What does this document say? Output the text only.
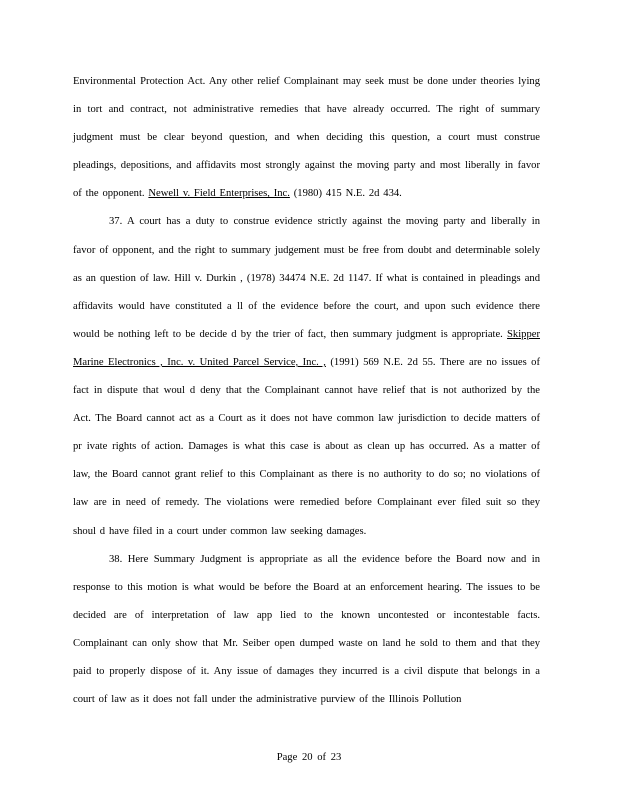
Environmental Protection Act. Any other relief Complainant may seek must be done under theories lying in tort and contract, not administrative remedies that have already occurred. The right of summary judgment must be clear beyond question, and when deciding this question, a court must construe pleadings, depositions, and affidavits most strongly against the moving party and most liberally in favor of the opponent. Newell v. Field Enterprises, Inc. (1980) 415 N.E. 2d 434.

37. A court has a duty to construe evidence strictly against the moving party and liberally in favor of opponent, and the right to summary judgement must be free from doubt and determinable solely as an question of law. Hill v. Durkin , (1978) 34474 N.E. 2d 1147. If what is contained in pleadings and affidavits would have constituted a ll of the evidence before the court, and upon such evidence there would be nothing left to be decide d by the trier of fact, then summary judgment is appropriate. Skipper Marine Electronics , Inc. v. United Parcel Service, Inc. , (1991) 569 N.E. 2d 55. There are no issues of fact in dispute that woul d deny that the Complainant cannot have relief that is not authorized by the Act. The Board cannot act as a Court as it does not have common law jurisdiction to decide matters of pr ivate rights of action. Damages is what this case is about as clean up has occurred. As a matter of law, the Board cannot grant relief to this Complainant as there is no authority to do so; no violations of law are in need of remedy. The violations were remedied before Complainant ever filed suit so they shoul d have filed in a court under common law seeking damages.

38. Here Summary Judgment is appropriate as all the evidence before the Board now and in response to this motion is what would be before the Board at an enforcement hearing. The issues to be decided are of interpretation of law app lied to the known uncontested or incontestable facts. Complainant can only show that Mr. Seiber open dumped waste on land he sold to them and that they paid to properly dispose of it. Any issue of damages they incurred is a civil dispute that belongs in a court of law as it does not fall under the administrative purview of the Illinois Pollution

Page 20 of 23
